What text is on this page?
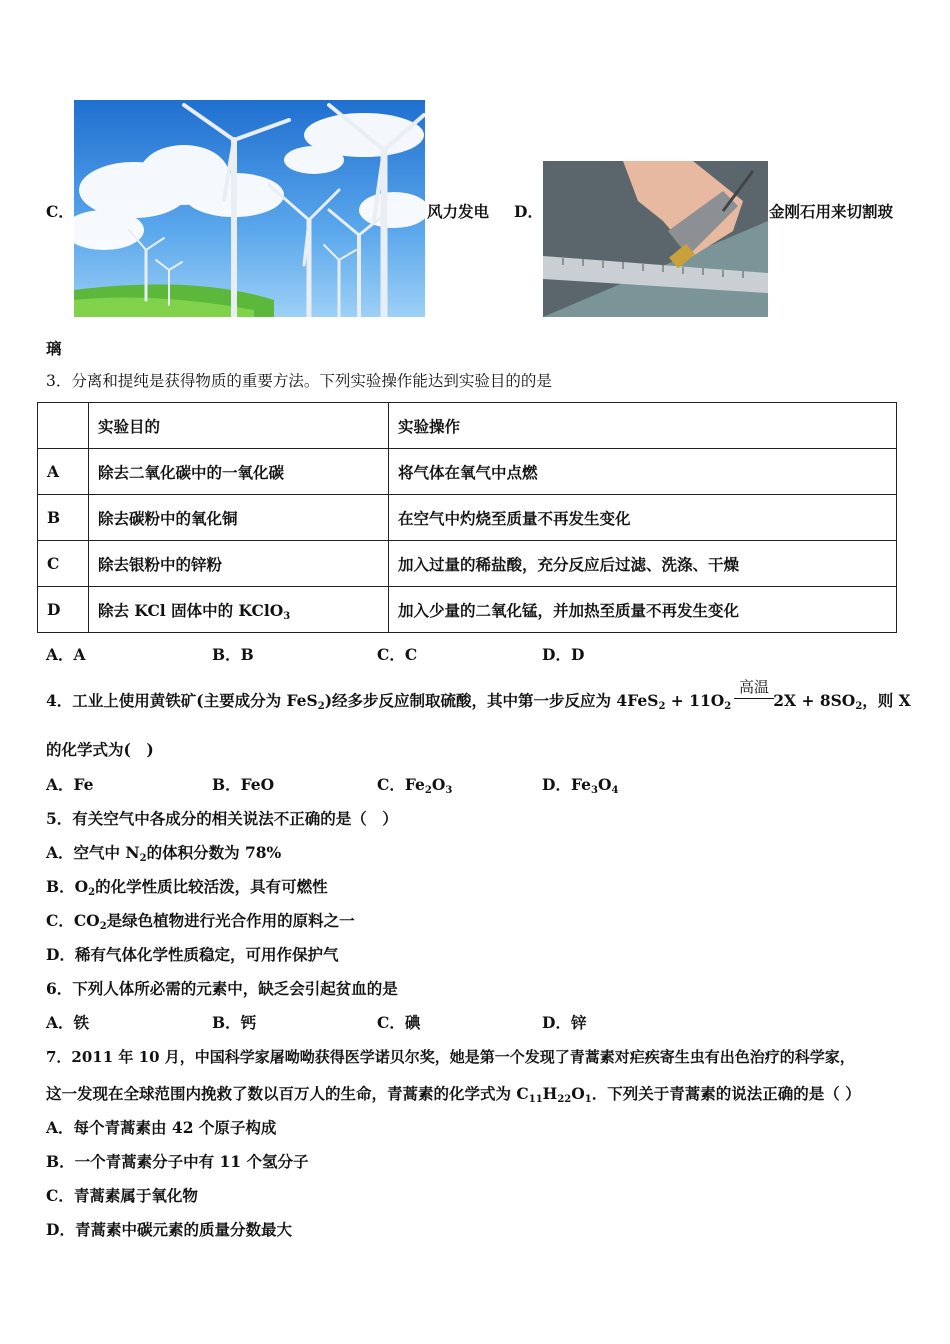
C．	风力发电 D．	金刚石用来切割玻
璃
3．分离和提纯是获得物质的重要方法。下列实验操作能达到实验目的的是
	实验目的	实验操作
A	除去二氧化碳中的一氧化碳	将气体在氧气中点燃
B	除去碳粉中的氧化铜	在空气中灼烧至质量不再发生变化
C	除去银粉中的锌粉	加入过量的稀盐酸，充分反应后过滤、洗涤、干燥
D	除去 KCl 固体中的 KClO$_3$	加入少量的二氧化锰，并加热至质量不再发生变化
A．A	B．B	C．C	D．D
4．工业上使用黄铁矿(主要成分为 FeS$_2$)经多步反应制取硫酸，其中第一步反应为 $4FeS_2 + 11O_2$	$2X + 8SO_2$，则 X
高温
的化学式为(　)
A．Fe	B．FeO	C．$Fe_2O_3$	D．$Fe_3O_4$
5．有关空气中各成分的相关说法不正确的是（　）
A．空气中 $N_2$的体积分数为 78%
B．$O_2$的化学性质比较活泼，具有可燃性
C．$CO_2$是绿色植物进行光合作用的原料之一
D．稀有气体化学性质稳定，可用作保护气
6．下列人体所必需的元素中，缺乏会引起贫血的是
A．铁	B．钙	C．碘	D．锌
7．2011 年 10 月，中国科学家屠呦呦获得医学诺贝尔奖，她是第一个发现了青蒿素对疟疾寄生虫有出色治疗的科学家，
这一发现在全球范围内挽救了数以百万人的生命，青蒿素的化学式为 $C_{11}H_{22}O_1$．下列关于青蒿素的说法正确的是（ ）
A．每个青蒿素由 42 个原子构成
B．一个青蒿素分子中有 11 个氢分子
C．青蒿素属于氧化物
D．青蒿素中碳元素的质量分数最大
